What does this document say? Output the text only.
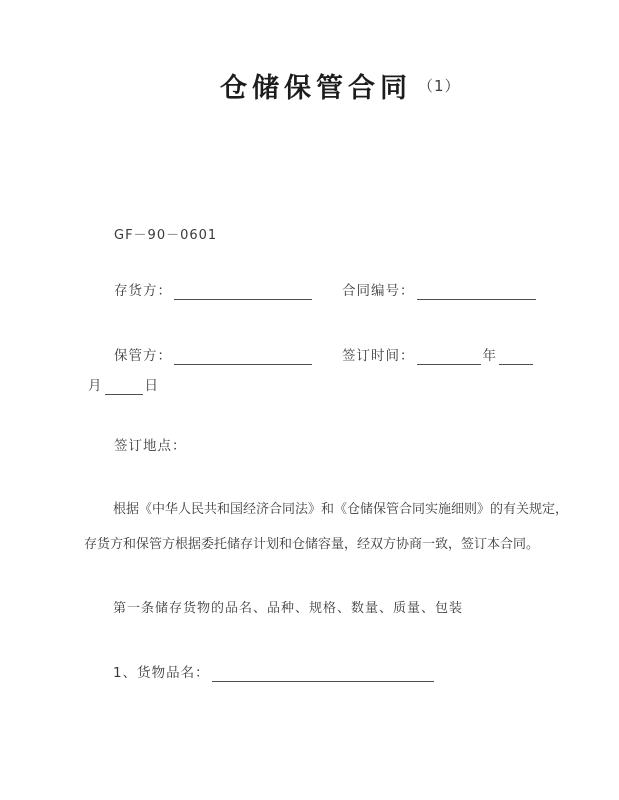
仓储保管合同 （1）
GF－90－0601
存货方：	合同编号：
保管方：	签订时间：	年
月	日
签订地点：
根据《中华人民共和国经济合同法》和《仓储保管合同实施细则》的有关规定，
存货方和保管方根据委托储存计划和仓储容量，经双方协商一致，签订本合同。
第一条储存货物的品名、品种、规格、数量、质量、包装
1、货物品名：
